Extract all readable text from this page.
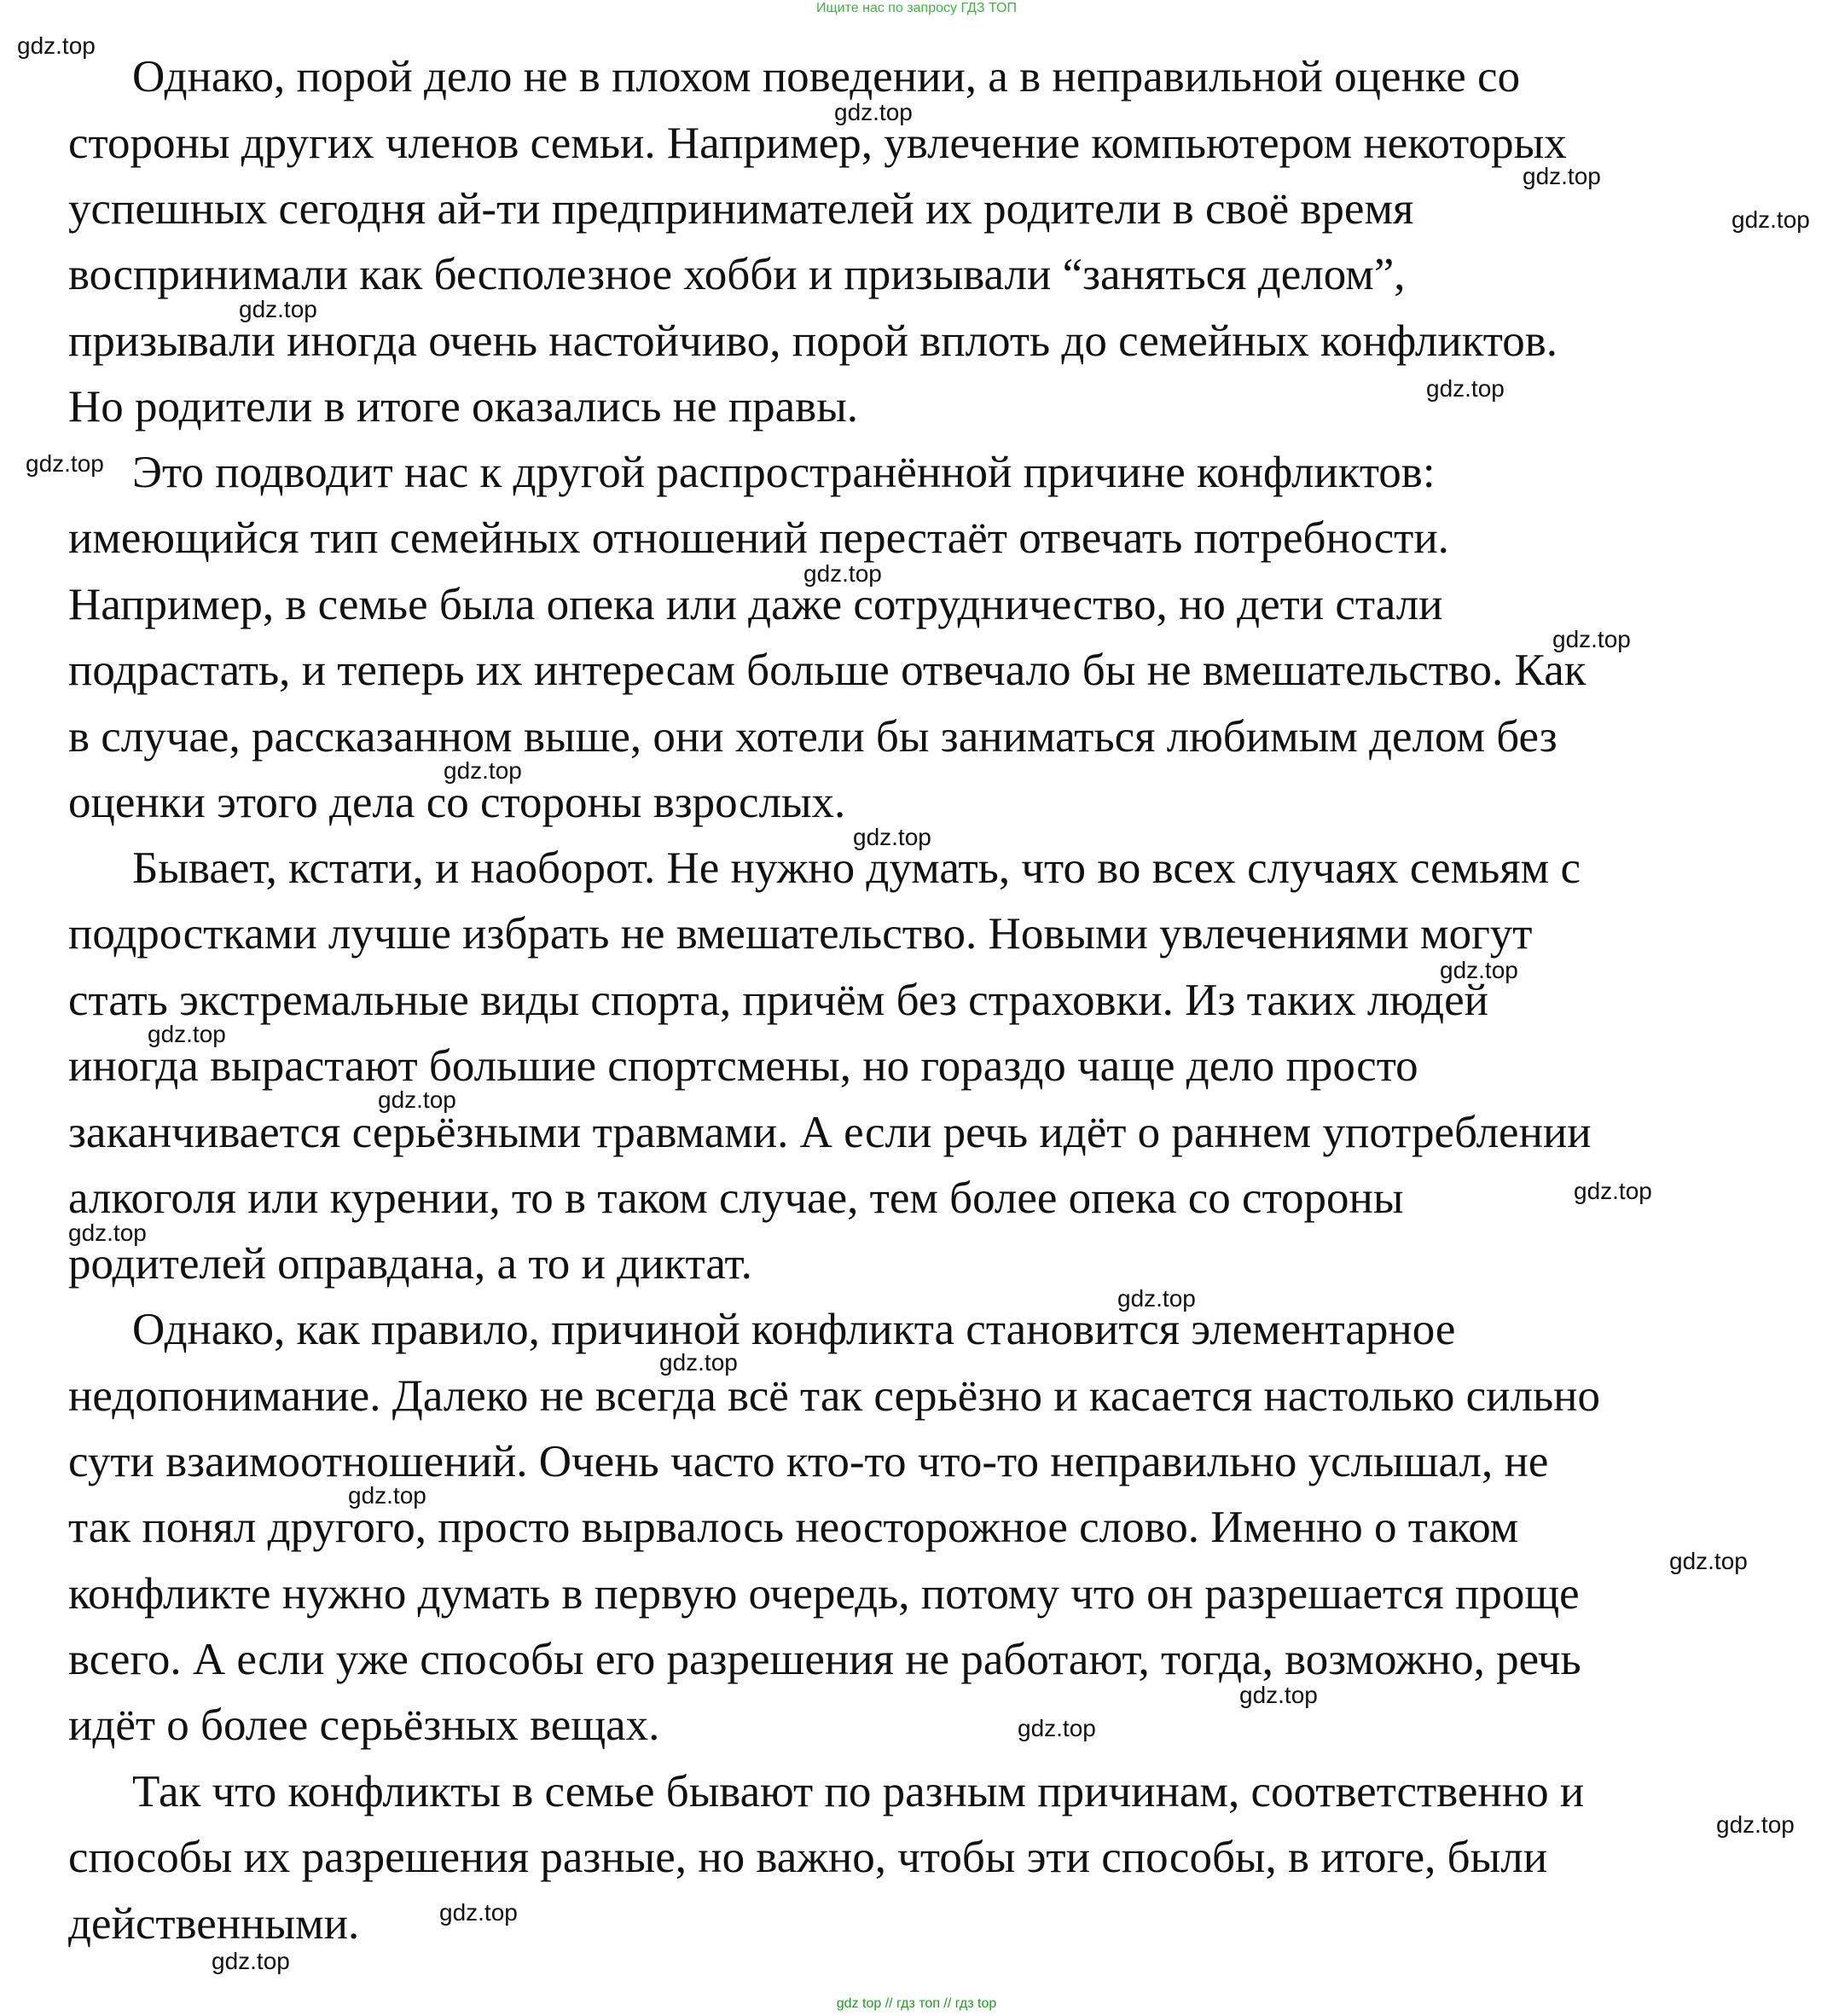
Ищите нас по запросу ГДЗ ТОП
Однако, порой дело не в плохом поведении, а в неправильной оценке со
стороны других членов семьи. Например, увлечение компьютером некоторых
успешных сегодня ай-ти предпринимателей их родители в своё время
воспринимали как бесполезное хобби и призывали “заняться делом”,
призывали иногда очень настойчиво, порой вплоть до семейных конфликтов.
Но родители в итоге оказались не правы.
Это подводит нас к другой распространённой причине конфликтов:
имеющийся тип семейных отношений перестаёт отвечать потребности.
Например, в семье была опека или даже сотрудничество, но дети стали
подрастать, и теперь их интересам больше отвечало бы не вмешательство. Как
в случае, рассказанном выше, они хотели бы заниматься любимым делом без
оценки этого дела со стороны взрослых.
Бывает, кстати, и наоборот. Не нужно думать, что во всех случаях семьям с
подростками лучше избрать не вмешательство. Новыми увлечениями могут
стать экстремальные виды спорта, причём без страховки. Из таких людей
иногда вырастают большие спортсмены, но гораздо чаще дело просто
заканчивается серьёзными травмами. А если речь идёт о раннем употреблении
алкоголя или курении, то в таком случае, тем более опека со стороны
родителей оправдана, а то и диктат.
Однако, как правило, причиной конфликта становится элементарное
недопонимание. Далеко не всегда всё так серьёзно и касается настолько сильно
сути взаимоотношений. Очень часто кто-то что-то неправильно услышал, не
так понял другого, просто вырвалось неосторожное слово. Именно о таком
конфликте нужно думать в первую очередь, потому что он разрешается проще
всего. А если уже способы его разрешения не работают, тогда, возможно, речь
идёт о более серьёзных вещах.
Так что конфликты в семье бывают по разным причинам, соответственно и
способы их разрешения разные, но важно, чтобы эти способы, в итоге, были
действенными.
gdz.top
gdz.top
gdz.top
gdz.top
gdz.top
gdz.top
gdz.top
gdz.top
gdz.top
gdz.top
gdz.top
gdz.top
gdz.top
gdz.top
gdz.top
gdz.top
gdz.top
gdz.top
gdz.top
gdz.top
gdz.top
gdz.top
gdz.top
gdz.top
gdz.top
gdz top // гдз топ // гдз top
